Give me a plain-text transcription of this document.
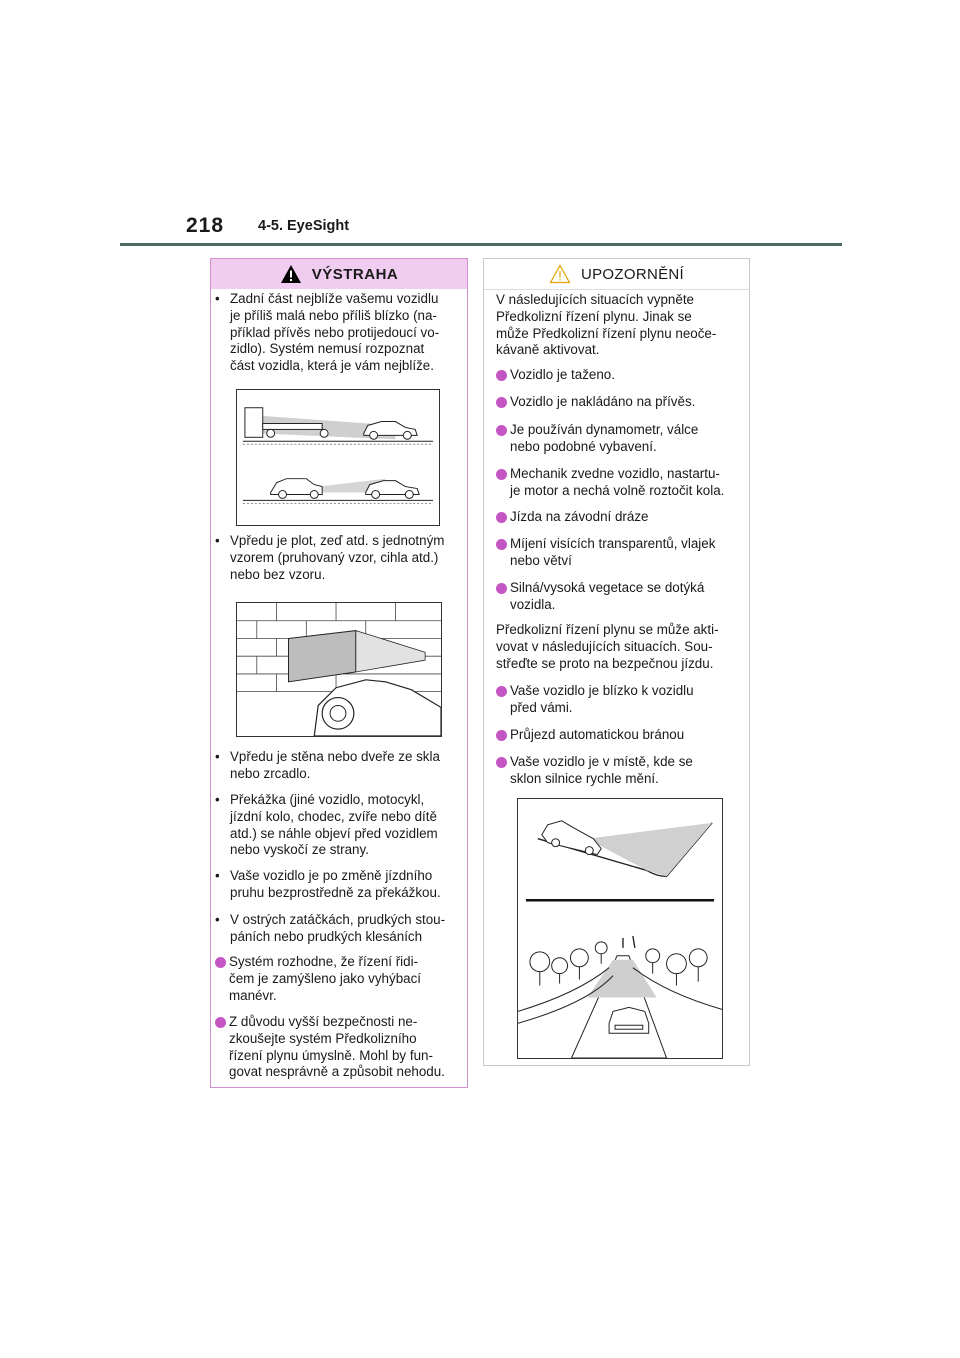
218 4-5. EyeSight
VÝSTRAHA
• Zadní část nejblíže vašemu vozidlu
je příliš malá nebo příliš blízko (na-
příklad přívěs nebo protijedoucí vo-
zidlo). Systém nemusí rozpoznat
část vozidla, která je vám nejblíže.
• Vpředu je plot, zeď atd. s jednotným
vzorem (pruhovaný vzor, cihla atd.)
nebo bez vzoru.
• Vpředu je stěna nebo dveře ze skla
nebo zrcadlo.
• Překážka (jiné vozidlo, motocykl,
jízdní kolo, chodec, zvíře nebo dítě
atd.) se náhle objeví před vozidlem
nebo vyskočí ze strany.
• Vaše vozidlo je po změně jízdního
pruhu bezprostředně za překážkou.
• V ostrých zatáčkách, prudkých stou-
páních nebo prudkých klesáních
Systém rozhodne, že řízení řidi-
čem je zamýšleno jako vyhýbací
manévr.
Z důvodu vyšší bezpečnosti ne-
zkoušejte systém Předkolizního
řízení plynu úmyslně. Mohl by fun-
govat nesprávně a způsobit nehodu.
UPOZORNĚNÍ
V následujících situacích vypněte
Předkolizní řízení plynu. Jinak se
může Předkolizní řízení plynu neoče-
kávaně aktivovat.
Vozidlo je taženo.
Vozidlo je nakládáno na přívěs.
Je používán dynamometr, válce
nebo podobné vybavení.
Mechanik zvedne vozidlo, nastartu-
je motor a nechá volně roztočit kola.
Jízda na závodní dráze
Míjení visících transparentů, vlajek
nebo větví
Silná/vysoká vegetace se dotýká
vozidla.
Předkolizní řízení plynu se může akti-
vovat v následujících situacích. Sou-
střeďte se proto na bezpečnou jízdu.
Vaše vozidlo je blízko k vozidlu
před vámi.
Průjezd automatickou bránou
Vaše vozidlo je v místě, kde se
sklon silnice rychle mění.
